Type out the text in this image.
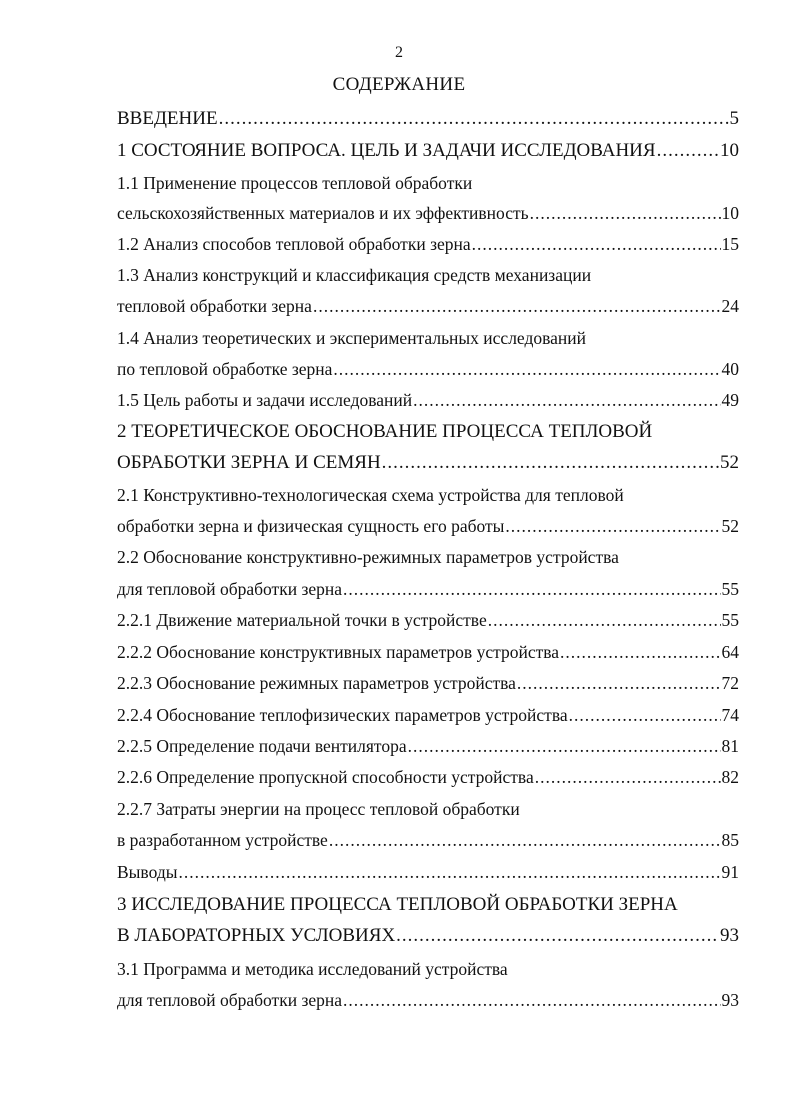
2
СОДЕРЖАНИЕ
ВВЕДЕНИЕ .....	.5
1 СОСТОЯНИЕ ВОПРОСА. ЦЕЛЬ И ЗАДАЧИ ИССЛЕДОВАНИЯ .....	10
1.1 Применение процессов тепловой обработки
сельскохозяйственных материалов и их эффективность .....	10
1.2 Анализ способов тепловой обработки зерна .....	15
1.3 Анализ конструкций и классификация средств механизации
тепловой обработки зерна .....	24
1.4 Анализ теоретических и экспериментальных исследований
по тепловой обработке зерна .....	40
1.5 Цель работы и задачи исследований .....	49
2 ТЕОРЕТИЧЕСКОЕ ОБОСНОВАНИЕ ПРОЦЕССА ТЕПЛОВОЙ
ОБРАБОТКИ ЗЕРНА И СЕМЯН .....	52
2.1 Конструктивно-технологическая схема устройства для тепловой
обработки зерна и физическая сущность его работы .....	52
2.2 Обоснование конструктивно-режимных параметров устройства
для тепловой обработки зерна .....	55
2.2.1 Движение материальной точки в устройстве .....	55
2.2.2 Обоснование конструктивных параметров устройства .....	64
2.2.3 Обоснование режимных параметров устройства .....	72
2.2.4 Обоснование теплофизических параметров устройства .....	74
2.2.5 Определение подачи вентилятора .....	81
2.2.6 Определение пропускной способности устройства .....	82
2.2.7 Затраты энергии на процесс тепловой обработки
в разработанном устройстве .....	85
Выводы .....	91
3 ИССЛЕДОВАНИЕ ПРОЦЕССА ТЕПЛОВОЙ ОБРАБОТКИ ЗЕРНА
В ЛАБОРАТОРНЫХ УСЛОВИЯХ .....	93
3.1 Программа и методика исследований устройства
для тепловой обработки зерна .....	93
